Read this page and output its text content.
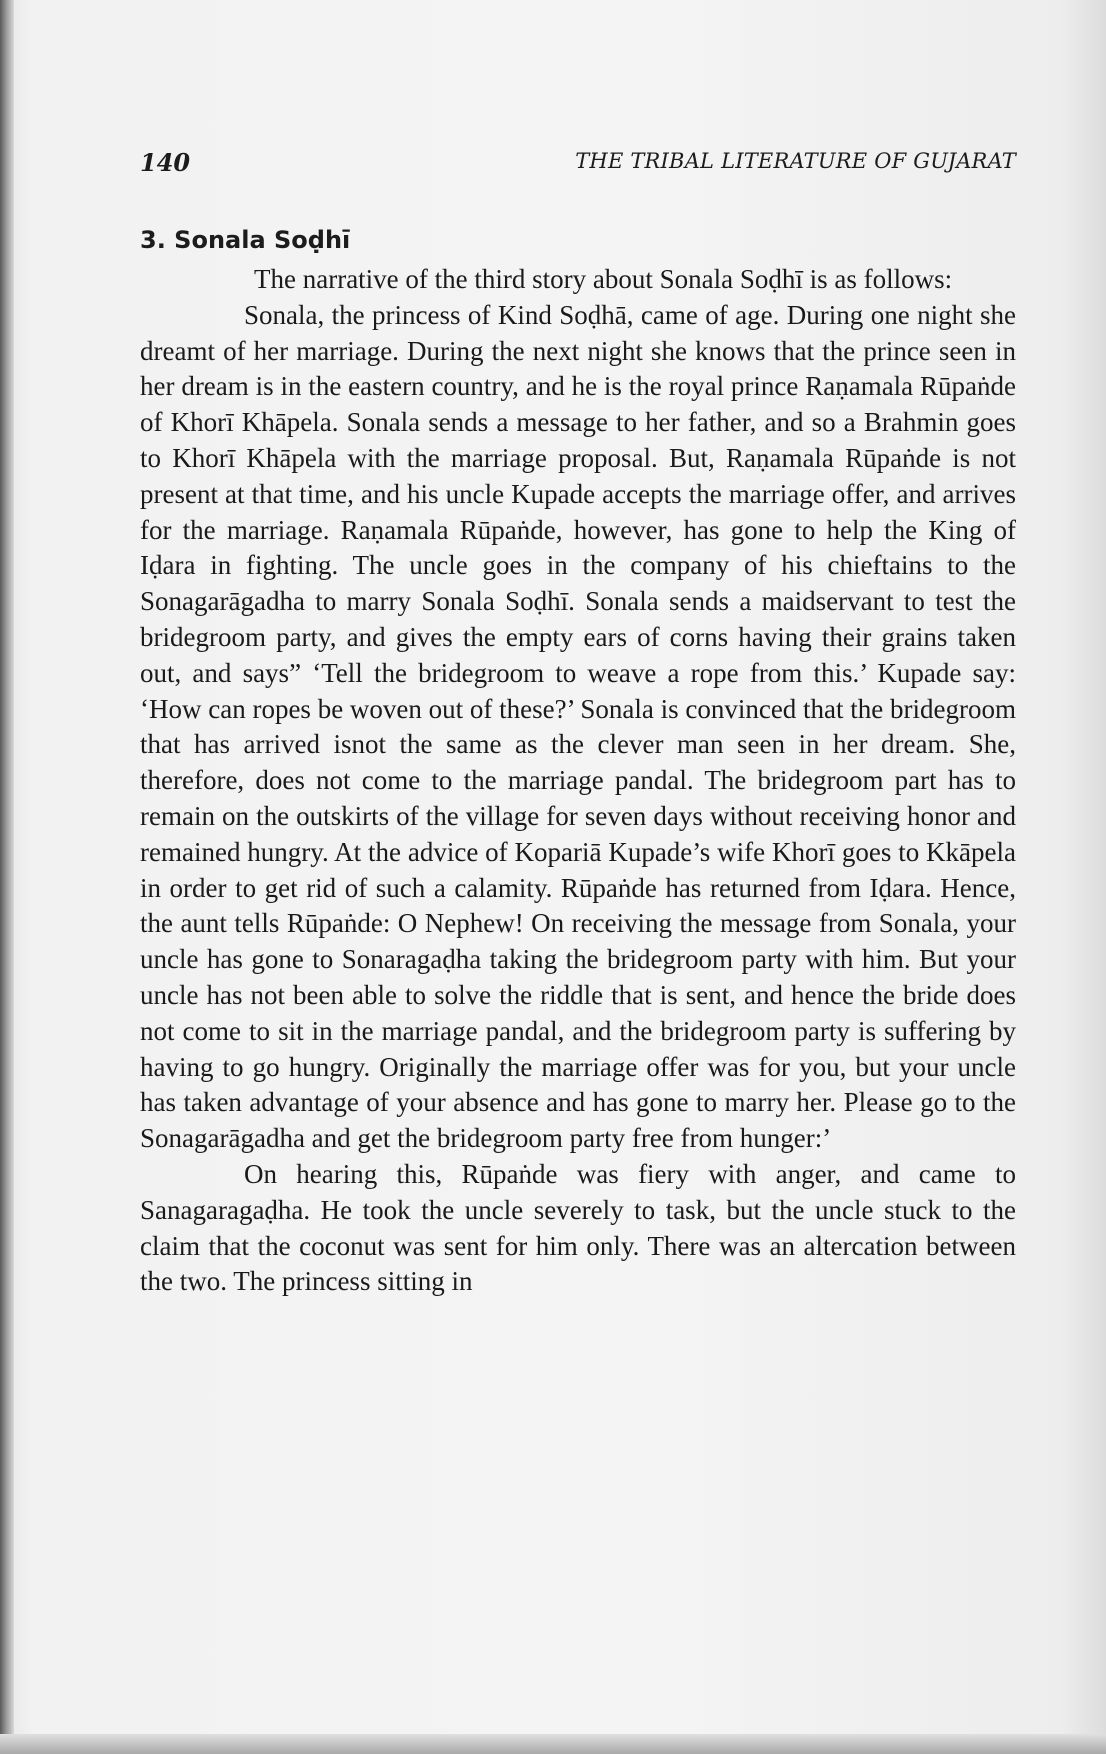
140	THE TRIBAL LITERATURE OF GUJARAT
3. Sonala Soḍhī

The narrative of the third story about Sonala Soḍhī is as follows:

Sonala, the princess of Kind Soḍhā, came of age. During one night she dreamt of her marriage. During the next night she knows that the prince seen in her dream is in the eastern country, and he is the royal prince Raṇamala Rūpaṅde of Khorī Khāpela. Sonala sends a message to her father, and so a Brahmin goes to Khorī Khāpela with the marriage proposal. But, Raṇamala Rūpaṅde is not present at that time, and his uncle Kupade accepts the marriage offer, and arrives for the marriage. Raṇamala Rūpaṅde, however, has gone to help the King of Iḍara in fighting. The uncle goes in the company of his chieftains to the Sonagarāgadha to marry Sonala Soḍhī. Sonala sends a maidservant to test the bridegroom party, and gives the empty ears of corns having their grains taken out, and says” ‘Tell the bridegroom to weave a rope from this.’ Kupade say: ‘How can ropes be woven out of these?’ Sonala is convinced that the bridegroom that has arrived isnot the same as the clever man seen in her dream. She, therefore, does not come to the marriage pandal. The bridegroom part has to remain on the outskirts of the village for seven days without receiving honor and remained hungry. At the advice of Kopariā Kupade’s wife Khorī goes to Kkāpela in order to get rid of such a calamity. Rūpaṅde has returned from Iḍara. Hence, the aunt tells Rūpaṅde: O Nephew! On receiving the message from Sonala, your uncle has gone to Sonaragaḍha taking the bridegroom party with him. But your uncle has not been able to solve the riddle that is sent, and hence the bride does not come to sit in the marriage pandal, and the bridegroom party is suffering by having to go hungry. Originally the marriage offer was for you, but your uncle has taken advantage of your absence and has gone to marry her. Please go to the Sonagarāgadha and get the bridegroom party free from hunger:’

On hearing this, Rūpaṅde was fiery with anger, and came to Sanagaragaḍha. He took the uncle severely to task, but the uncle stuck to the claim that the coconut was sent for him only. There was an altercation between the two. The princess sitting in
